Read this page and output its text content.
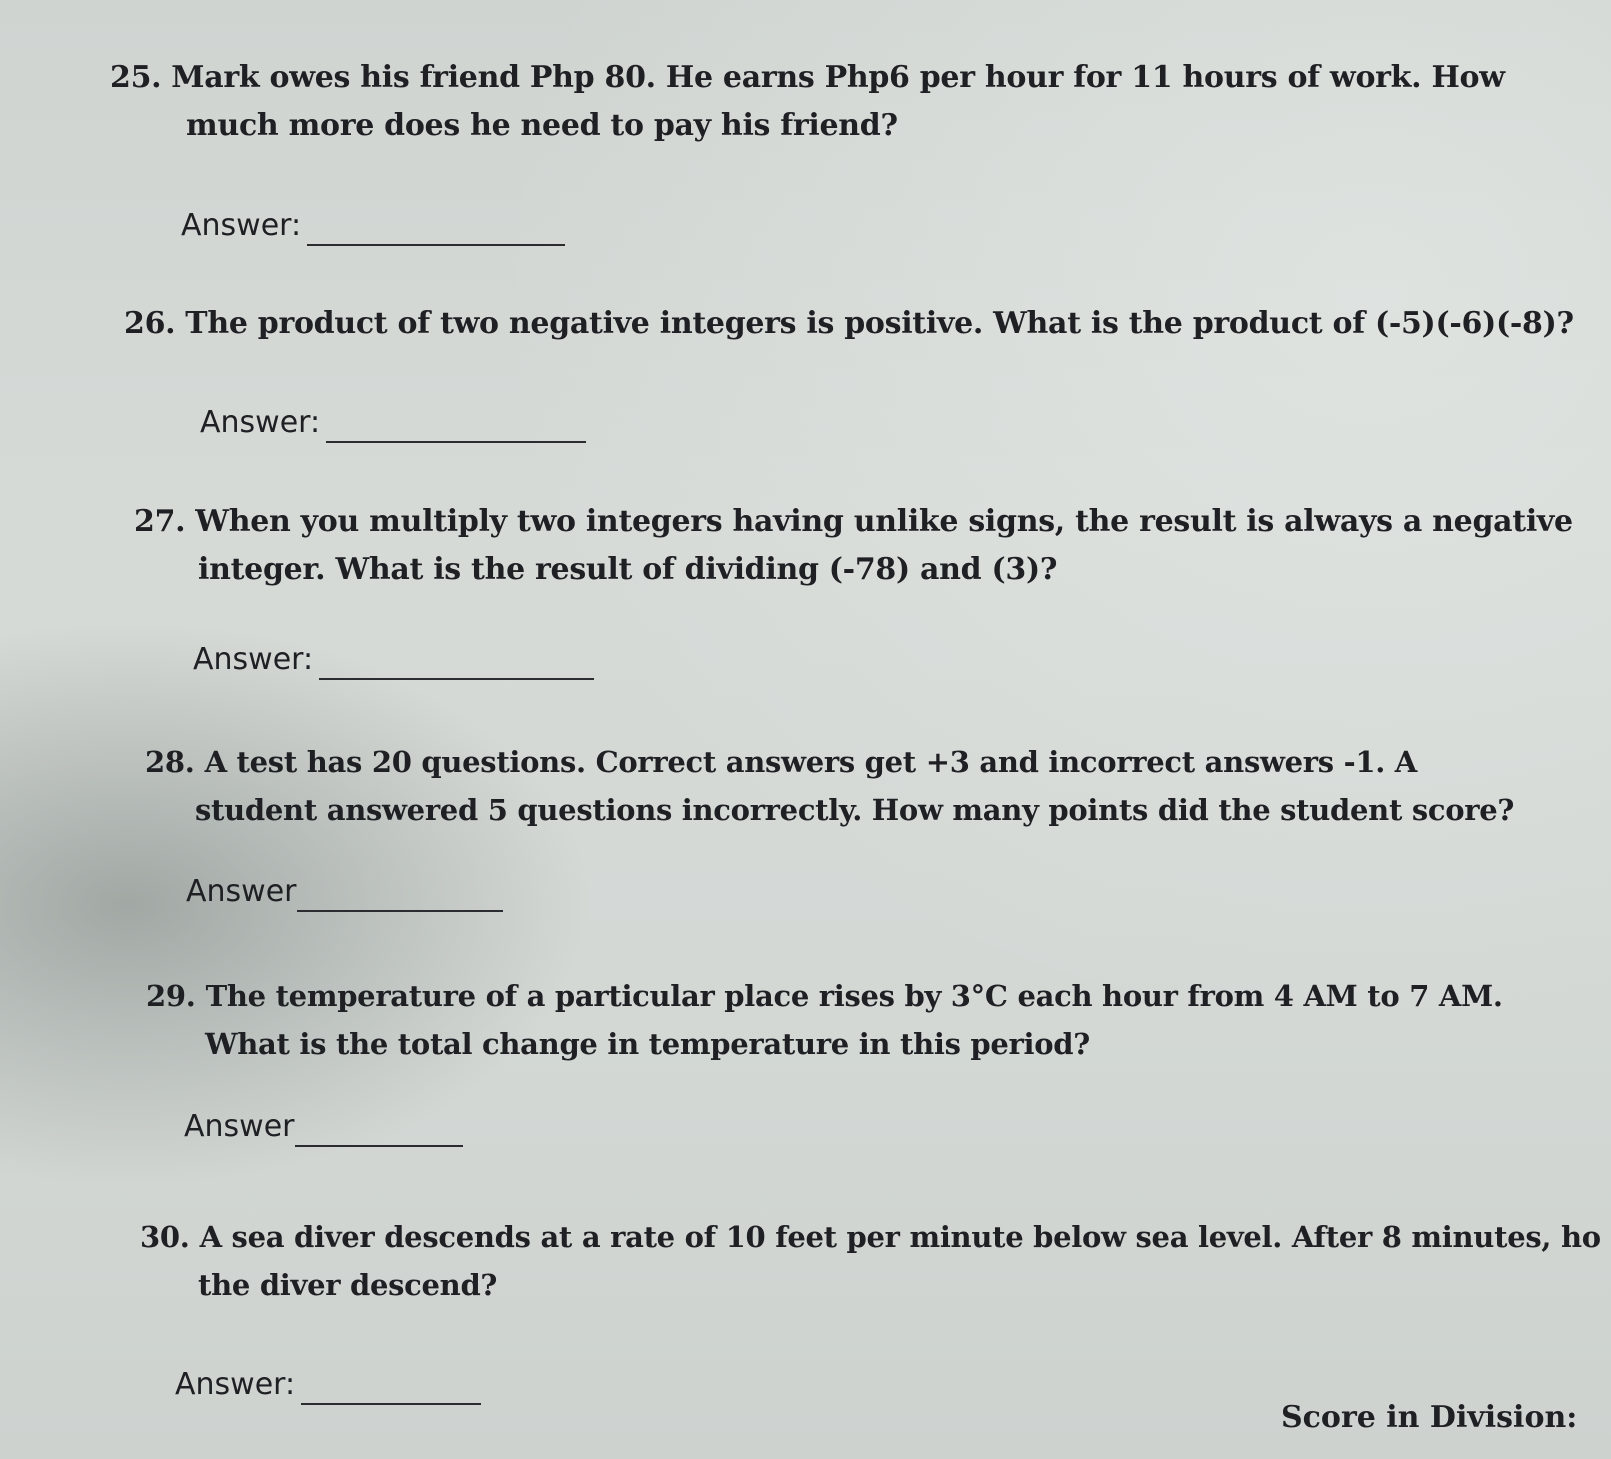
25. Mark owes his friend Php 80. He earns Php6 per hour for 11 hours of work. How
much more does he need to pay his friend?
Answer:
26. The product of two negative integers is positive. What is the product of (-5)(-6)(-8)?
Answer:
27. When you multiply two integers having unlike signs, the result is always a negative
integer. What is the result of dividing (-78) and (3)?
Answer:
28. A test has 20 questions. Correct answers get +3 and incorrect answers -1. A
student answered 5 questions incorrectly. How many points did the student score?
Answer
29. The temperature of a particular place rises by 3°C each hour from 4 AM to 7 AM.
What is the total change in temperature in this period?
Answer
30. A sea diver descends at a rate of 10 feet per minute below sea level. After 8 minutes, ho
the diver descend?
Answer:
Score in Division:
